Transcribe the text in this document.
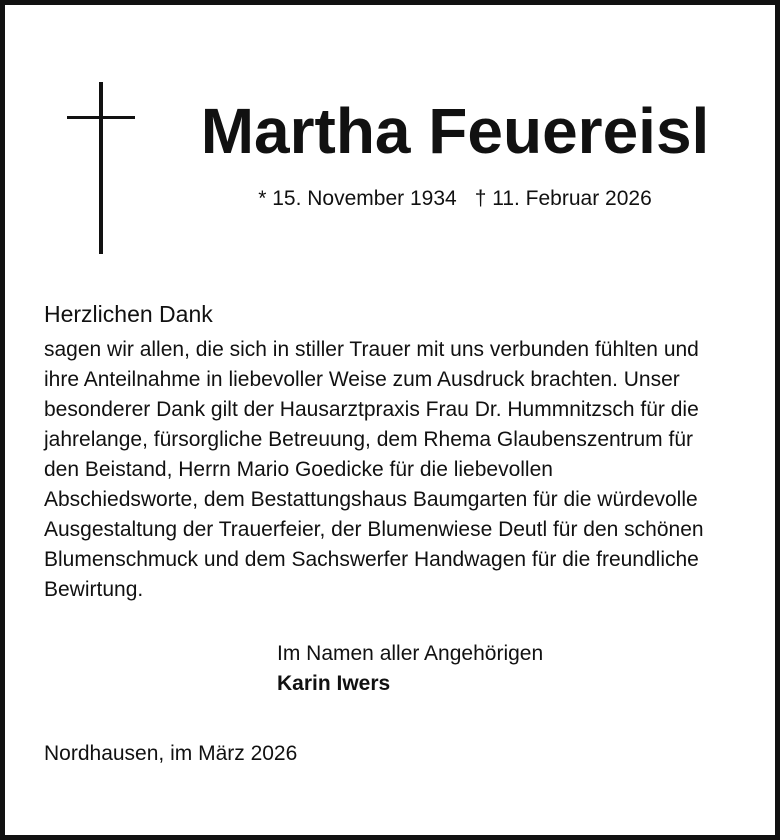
Martha Feuereisl
* 15. November 1934 † 11. Februar 2026
Herzlichen Dank
sagen wir allen, die sich in stiller Trauer mit uns verbunden fühlten und
ihre Anteilnahme in liebevoller Weise zum Ausdruck brachten. Unser
besonderer Dank gilt der Hausarztpraxis Frau Dr. Hummnitzsch für die
jahrelange, fürsorgliche Betreuung, dem Rhema Glaubenszentrum für
den Beistand, Herrn Mario Goedicke für die liebevollen
Abschiedsworte, dem Bestattungshaus Baumgarten für die würdevolle
Ausgestaltung der Trauerfeier, der Blumenwiese Deutl für den schönen
Blumenschmuck und dem Sachswerfer Handwagen für die freundliche
Bewirtung.
Im Namen aller Angehörigen
Karin Iwers
Nordhausen, im März 2026
